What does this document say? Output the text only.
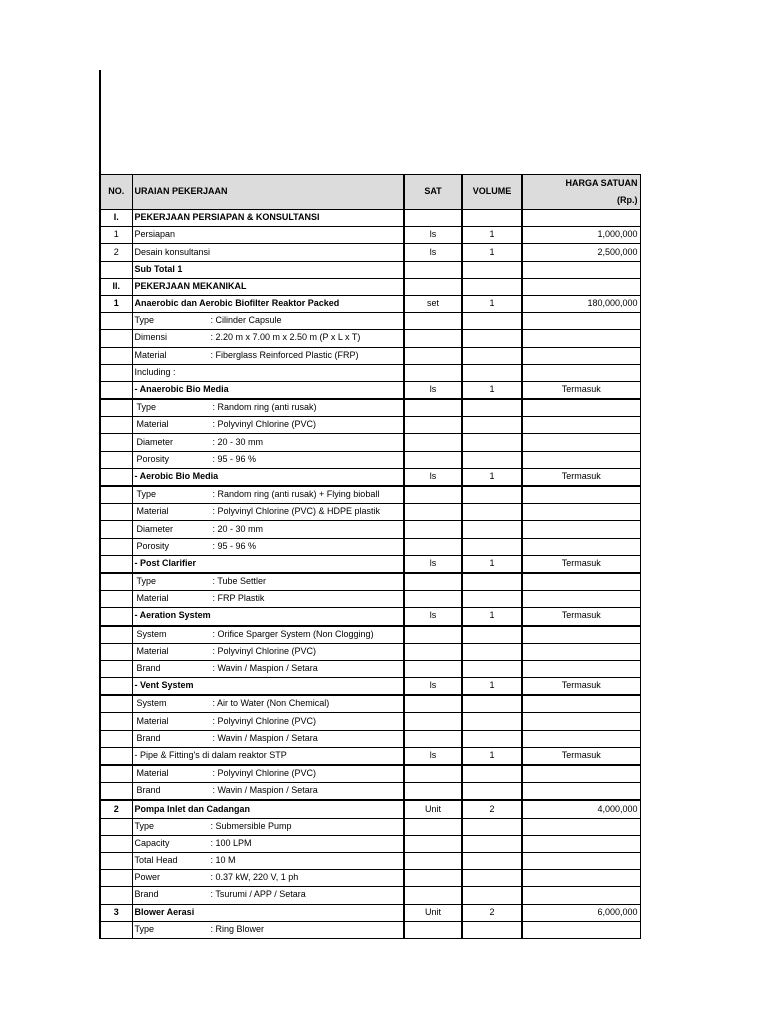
NO.	URAIAN PEKERJAAN	SAT	VOLUME	HARGA SATUAN
(Rp.)

I.	PEKERJAAN PERSIAPAN & KONSULTANSI			
1	Persiapan	ls	1	1,000,000
2	Desain konsultansi	ls	1	2,500,000
	Sub Total 1			
II.	PEKERJAAN MEKANIKAL			
1	Anaerobic dan Aerobic Biofilter Reaktor Packed	set	1	180,000,000
	Type : Cilinder Capsule			
	Dimensi : 2.20 m x 7.00 m x 2.50 m (P x L x T)			
	Material : Fiberglass Reinforced Plastic (FRP)			
	Including :			
	- Anaerobic Bio Media	ls	1	Termasuk
	Type : Random ring (anti rusak)			
	Material : Polyvinyl Chlorine (PVC)			
	Diameter : 20 - 30 mm			
	Porosity : 95 - 96 %			
	- Aerobic Bio Media	ls	1	Termasuk
	Type : Random ring (anti rusak) + Flying bioball			
	Material : Polyvinyl Chlorine (PVC) & HDPE plastik			
	Diameter : 20 - 30 mm			
	Porosity : 95 - 96 %			
	- Post Clarifier	ls	1	Termasuk
	Type : Tube Settler			
	Material : FRP Plastik			
	- Aeration System	ls	1	Termasuk
	System : Orifice Sparger System (Non Clogging)			
	Material : Polyvinyl Chlorine (PVC)			
	Brand : Wavin / Maspion / Setara			
	- Vent System	ls	1	Termasuk
	System : Air to Water (Non Chemical)			
	Material : Polyvinyl Chlorine (PVC)			
	Brand : Wavin / Maspion / Setara			
	- Pipe & Fitting's di dalam reaktor STP	ls	1	Termasuk
	Material : Polyvinyl Chlorine (PVC)			
	Brand : Wavin / Maspion / Setara			
2	Pompa Inlet dan Cadangan	Unit	2	4,000,000
	Type : Submersible Pump			
	Capacity : 100 LPM			
	Total Head : 10 M			
	Power : 0.37 kW, 220 V, 1 ph			
	Brand : Tsurumi / APP / Setara			
3	Blower Aerasi	Unit	2	6,000,000
	Type : Ring Blower			
